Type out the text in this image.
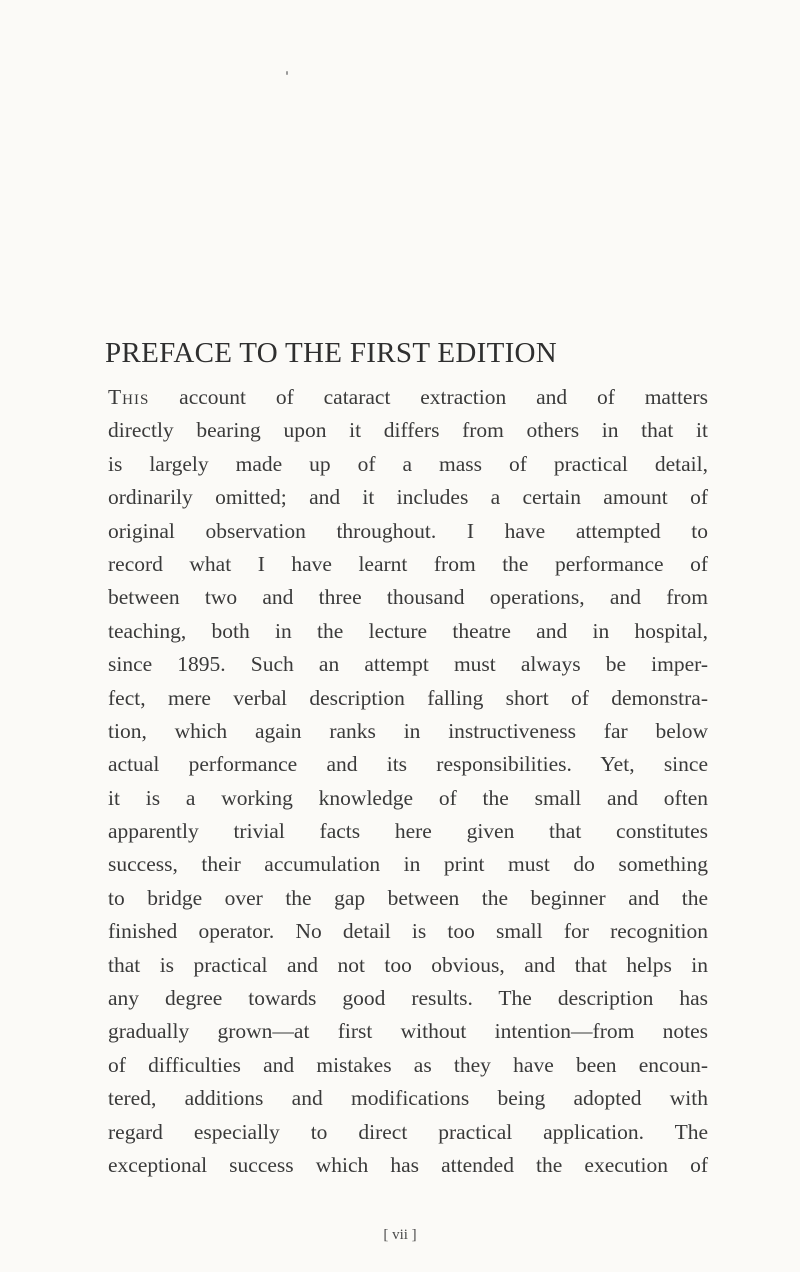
PREFACE TO THE FIRST EDITION
This account of cataract extraction and of matters
directly bearing upon it differs from others in that it
is largely made up of a mass of practical detail,
ordinarily omitted; and it includes a certain amount of
original observation throughout. I have attempted to
record what I have learnt from the performance of
between two and three thousand operations, and from
teaching, both in the lecture theatre and in hospital,
since 1895. Such an attempt must always be imper-
fect, mere verbal description falling short of demonstra-
tion, which again ranks in instructiveness far below
actual performance and its responsibilities. Yet, since
it is a working knowledge of the small and often
apparently trivial facts here given that constitutes
success, their accumulation in print must do something
to bridge over the gap between the beginner and the
finished operator. No detail is too small for recognition
that is practical and not too obvious, and that helps in
any degree towards good results. The description has
gradually grown—at first without intention—from notes
of difficulties and mistakes as they have been encoun-
tered, additions and modifications being adopted with
regard especially to direct practical application. The
exceptional success which has attended the execution of
[ vii ]
